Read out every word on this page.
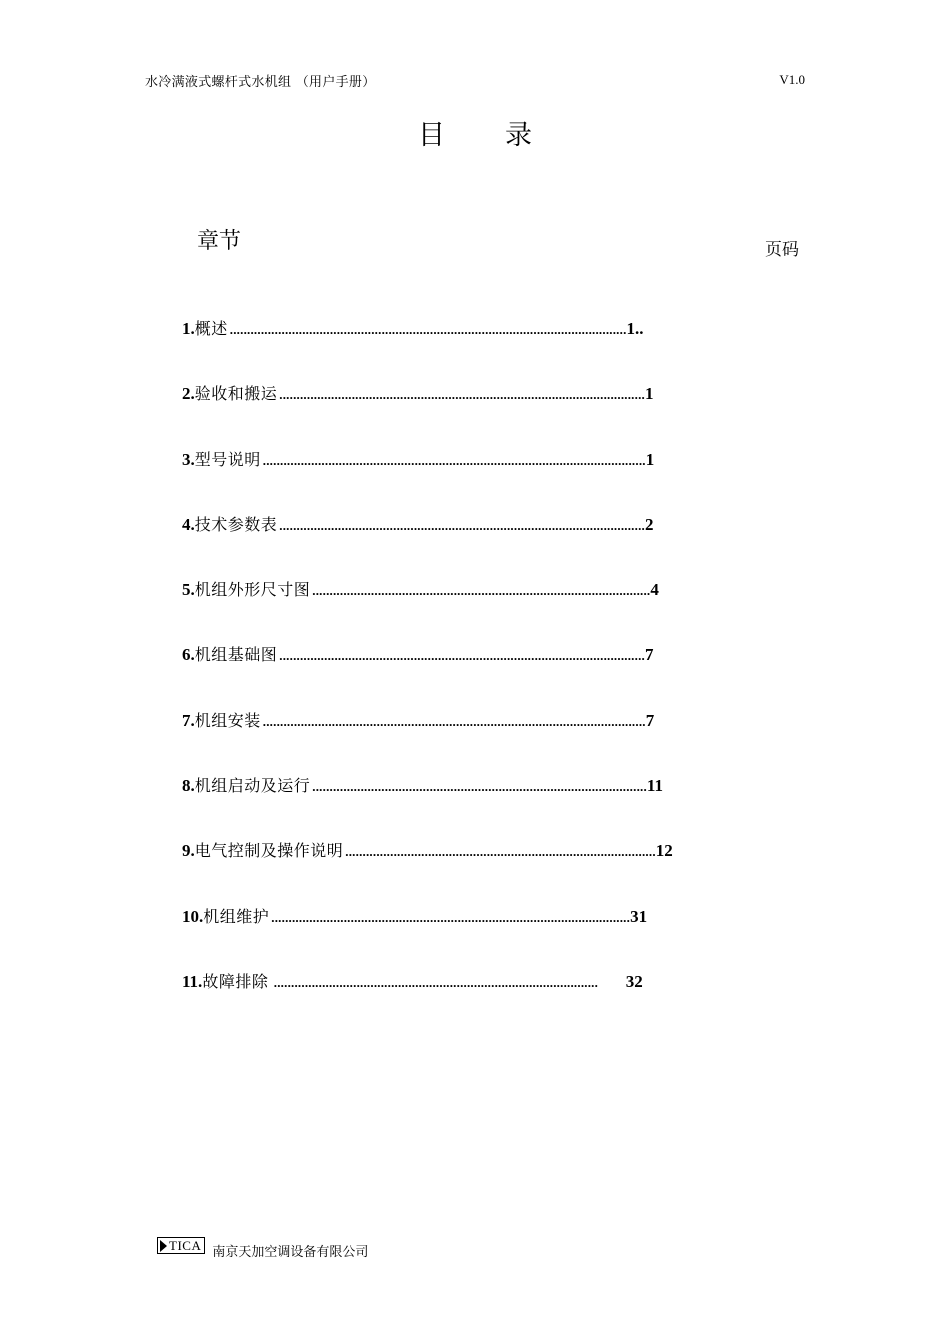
水冷满液式螺杆式水机组 （用户手册）	V1.0
目录
章节	页码
1. 概述 ................................................................................................................... 1..
2. 验收和搬运 .......................................................................................................... 1
3. 型号说明 ............................................................................................................... 1
4. 技术参数表 .......................................................................................................... 2
5. 机组外形尺寸图 .................................................................................................. 4
6. 机组基础图 .......................................................................................................... 7
7. 机组安装 ............................................................................................................... 7
8. 机组启动及运行 ................................................................................................. 11
9. 电气控制及操作说明 .......................................................................................... 12
10. 机组维护 ........................................................................................................ 31
11. 故障排除 .............................................................................................. 32
TICA 南京天加空调设备有限公司
